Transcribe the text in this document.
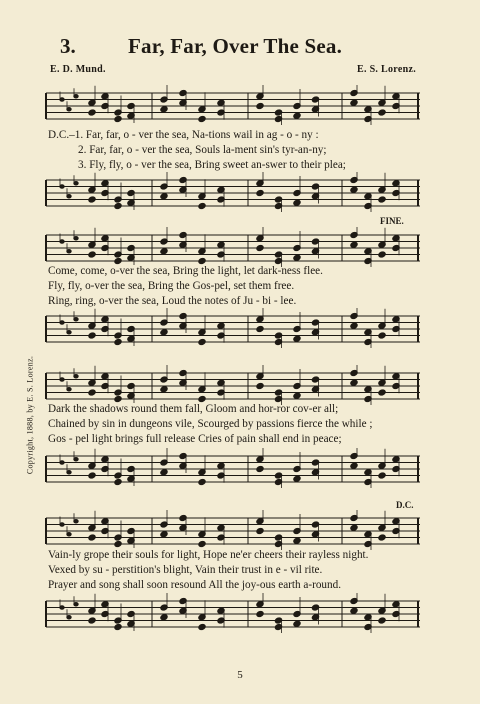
3. Far, Far, Over The Sea.
E. D. Mund.	E. S. Lorenz.
Copyright, 1888, by E. S. Lorenz.
D.C.–1. Far, far, o - ver the sea, Na-tions wail in ag - o - ny :
2. Far, far, o - ver the sea, Souls la-ment sin's tyr-an-ny;
3. Fly, fly, o - ver the sea, Bring sweet an-swer to their plea;
FINE.
Come, come, o-ver the sea, Bring the light, let dark-ness flee.
Fly, fly, o-ver the sea, Bring the Gos-pel, set them free.
Ring, ring, o-ver the sea, Loud the notes of Ju - bi - lee.
Dark the shadows round them fall, Gloom and hor-ror cov-er all;
Chained by sin in dungeons vile, Scourged by passions fierce the while ;
Gos - pel light brings full release Cries of pain shall end in peace;
D.C.
Vain-ly grope their souls for light, Hope ne'er cheers their rayless night.
Vexed by su - perstition's blight, Vain their trust in e - vil rite.
Prayer and song shall soon resound All the joy-ous earth a-round.
5
